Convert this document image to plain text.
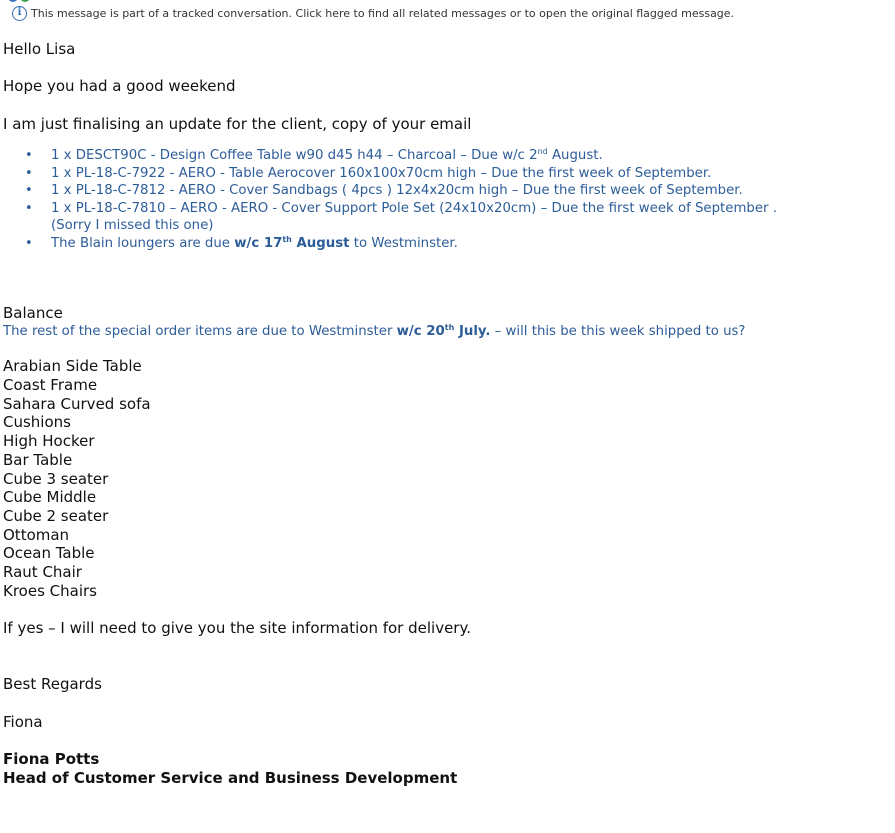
i This message is part of a tracked conversation. Click here to find all related messages or to open the original flagged message.

Hello Lisa

Hope you had a good weekend

I am just finalising an update for the client, copy of your email

• 1 x DESCT90C - Design Coffee Table w90 d45 h44 – Charcoal – Due w/c 2nd August.
• 1 x PL-18-C-7922 - AERO - Table Aerocover 160x100x70cm high – Due the first week of September.
• 1 x PL-18-C-7812 - AERO - Cover Sandbags ( 4pcs ) 12x4x20cm high – Due the first week of September.
• 1 x PL-18-C-7810 – AERO - AERO - Cover Support Pole Set (24x10x20cm) – Due the first week of September .
(Sorry I missed this one)
• The Blain loungers are due w/c 17th August to Westminster.

Balance

The rest of the special order items are due to Westminster w/c 20th July. – will this be this week shipped to us?

Arabian Side Table

Coast Frame

Sahara Curved sofa

Cushions

High Hocker

Bar Table

Cube 3 seater

Cube Middle

Cube 2 seater

Ottoman

Ocean Table

Raut Chair

Kroes Chairs

If yes – I will need to give you the site information for delivery.

Best Regards

Fiona

Fiona Potts

Head of Customer Service and Business Development
